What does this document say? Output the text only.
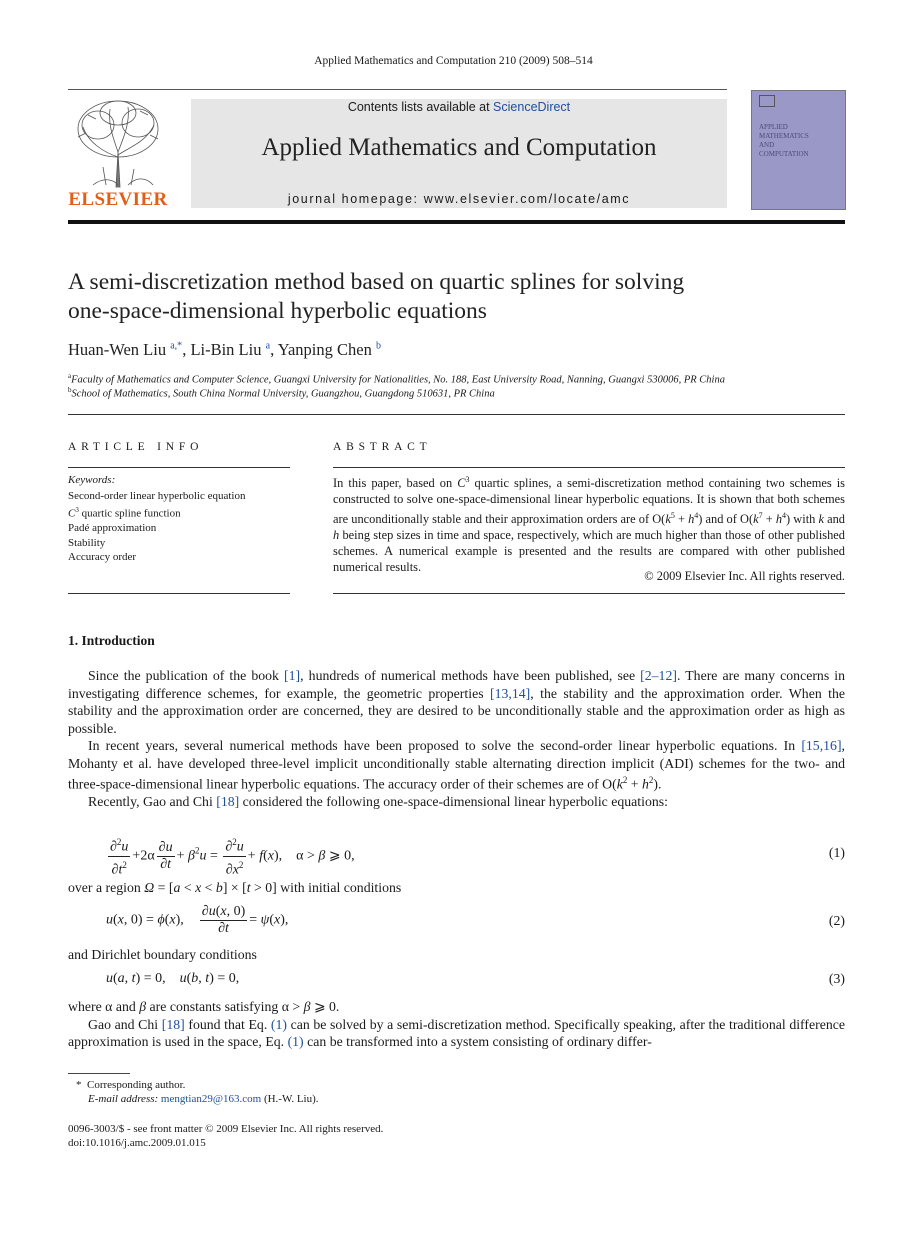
Applied Mathematics and Computation 210 (2009) 508–514
ELSEVIER
Contents lists available at ScienceDirect
Applied Mathematics and Computation
journal homepage: www.elsevier.com/locate/amc
APPLIED
MATHEMATICS
AND
COMPUTATION
A semi-discretization method based on quartic splines for solving
one-space-dimensional hyperbolic equations
Huan-Wen Liu $^{a,*}$, Li-Bin Liu $^a$, Yanping Chen $^b$
$^a$Faculty of Mathematics and Computer Science, Guangxi University for Nationalities, No. 188, East University Road, Nanning, Guangxi 530006, PR China
$^b$School of Mathematics, South China Normal University, Guangzhou, Guangdong 510631, PR China
ARTICLE INFO
Keywords:
Second-order linear hyperbolic equation
$C^3$ quartic spline function
Padé approximation
Stability
Accuracy order
ABSTRACT
In this paper, based on $C^3$ quartic splines, a semi-discretization method containing two schemes is constructed to solve one-space-dimensional linear hyperbolic equations. It is shown that both schemes are unconditionally stable and their approximation orders are of $O(k^5 + h^4)$ and of $O(k^7 + h^4)$ with k and h being step sizes in time and space, respectively, which are much higher than those of other published schemes. A numerical example is presented and the results are compared with other published numerical results.
© 2009 Elsevier Inc. All rights reserved.
1. Introduction

Since the publication of the book [1], hundreds of numerical methods have been published, see [2–12]. There are many concerns in investigating difference schemes, for example, the geometric properties [13,14], the stability and the approximation order. When the stability and the approximation order are concerned, they are desired to be unconditionally stable and the approximation order as high as possible.

In recent years, several numerical methods have been proposed to solve the second-order linear hyperbolic equations. In [15,16], Mohanty et al. have developed three-level implicit unconditionally stable alternating direction implicit (ADI) schemes for the two- and three-space-dimensional linear hyperbolic equations. The accuracy order of their schemes are of $O(k^2 + h^2)$.

Recently, Gao and Chi [18] considered the following one-space-dimensional linear hyperbolic equations:

$\frac{\partial^2u}{\partial t^2} +2\alpha \frac{\partial u}{\partial t} + \beta^2u = \frac{\partial^2u}{\partial x^2} + f(x)$,    α > β ⩾ 0,	(1)
over a region Ω = [a < x < b] × [t > 0] with initial conditions
u(x, 0) = ϕ(x), $\frac{\partial u(x, 0)}{\partial t} = \psi(x)$,	(2)
and Dirichlet boundary conditions
u(a, t) = 0,    u(b, t) = 0,	(3)
where α and β are constants satisfying α > β ⩾ 0.

Gao and Chi [18] found that Eq. (1) can be solved by a semi-discretization method. Specifically speaking, after the traditional difference approximation is used in the space, Eq. (1) can be transformed into a system consisting of ordinary differ-

*  Corresponding author.
E-mail address: mengtian29@163.com (H.-W. Liu).
0096-3003/$ - see front matter © 2009 Elsevier Inc. All rights reserved.
doi:10.1016/j.amc.2009.01.015
